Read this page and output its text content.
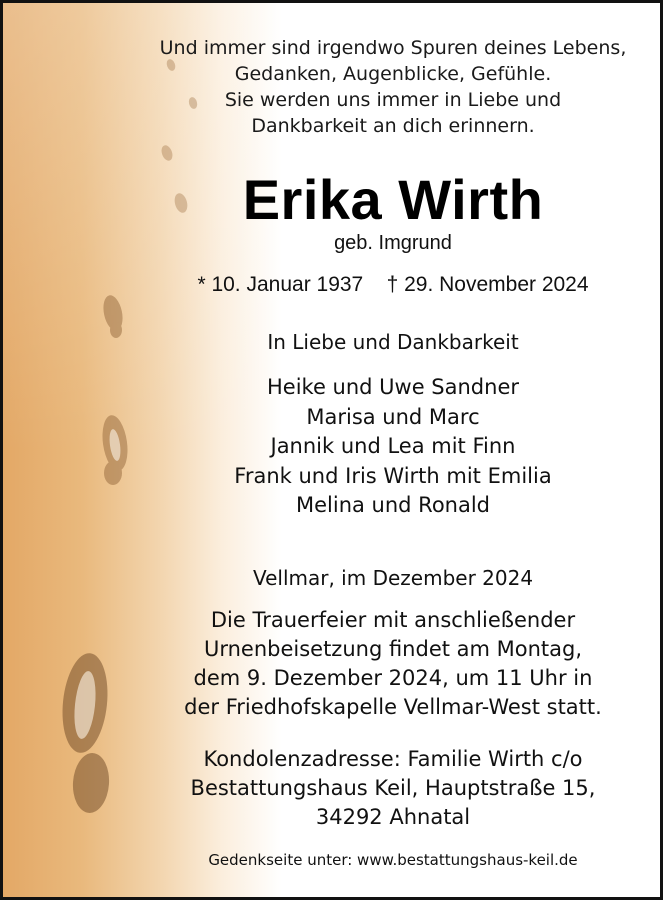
Und immer sind irgendwo Spuren deines Lebens,
Gedanken, Augenblicke, Gefühle.
Sie werden uns immer in Liebe und
Dankbarkeit an dich erinnern.
Erika Wirth
geb. Imgrund
* 10. Januar 1937 † 29. November 2024
In Liebe und Dankbarkeit
Heike und Uwe Sandner
Marisa und Marc
Jannik und Lea mit Finn
Frank und Iris Wirth mit Emilia
Melina und Ronald
Vellmar, im Dezember 2024
Die Trauerfeier mit anschließender
Urnenbeisetzung findet am Montag,
dem 9. Dezember 2024, um 11 Uhr in
der Friedhofskapelle Vellmar-West statt.
Kondolenzadresse: Familie Wirth c/o
Bestattungshaus Keil, Hauptstraße 15,
34292 Ahnatal
Gedenkseite unter: www.bestattungshaus-keil.de
